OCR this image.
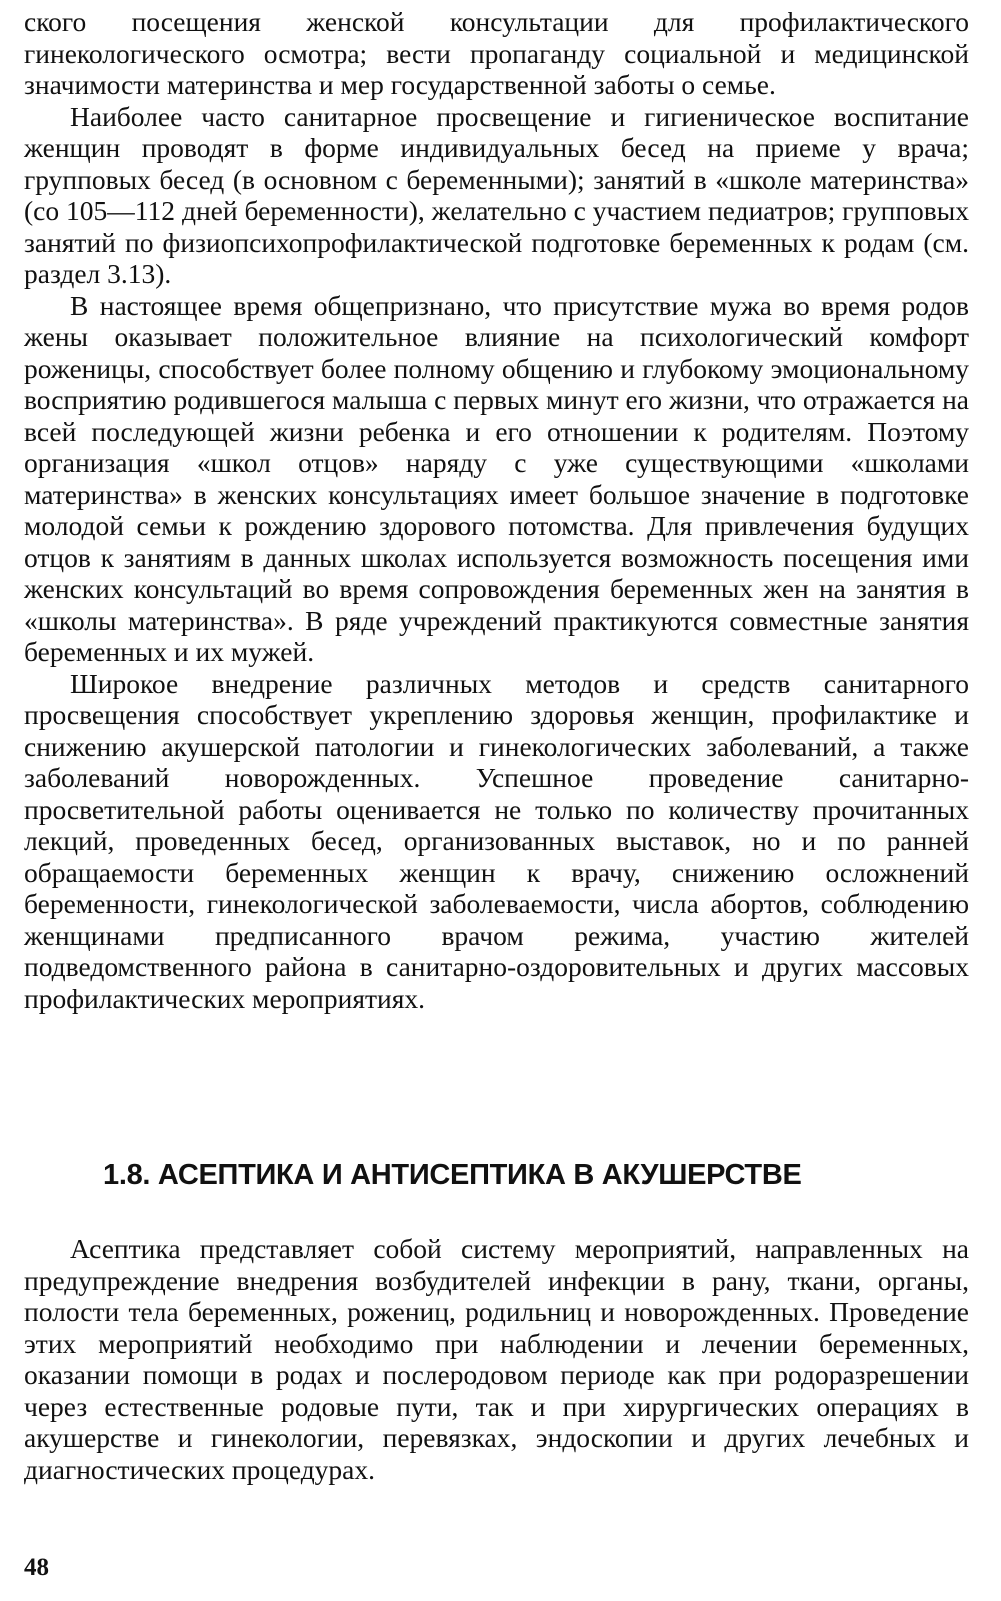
ского посещения женской консультации для профилактического гинекологического осмотра; вести пропаганду социальной и медицинской значимости материнства и мер государственной заботы о семье.

Наиболее часто санитарное просвещение и гигиеническое воспитание женщин проводят в форме индивидуальных бесед на приеме у врача; групповых бесед (в основном с беременными); занятий в «школе материнства» (со 105—112 дней беременности), желательно с участием педиатров; групповых занятий по физиопсихопрофилактической подготовке беременных к родам (см. раздел 3.13).

В настоящее время общепризнано, что присутствие мужа во время родов жены оказывает положительное влияние на психологический комфорт роженицы, способствует более полному общению и глубокому эмоциональному восприятию родившегося малыша с первых минут его жизни, что отражается на всей последующей жизни ребенка и его отношении к родителям. Поэтому организация «школ отцов» наряду с уже существующими «школами материнства» в женских консультациях имеет большое значение в подготовке молодой семьи к рождению здорового потомства. Для привлечения будущих отцов к занятиям в данных школах используется возможность посещения ими женских консультаций во время сопровождения беременных жен на занятия в «школы материнства». В ряде учреждений практикуются совместные занятия беременных и их мужей.

Широкое внедрение различных методов и средств санитарного просвещения способствует укреплению здоровья женщин, профилактике и снижению акушерской патологии и гинекологических заболеваний, а также заболеваний новорожденных. Успешное проведение санитарно-просветительной работы оценивается не только по количеству прочитанных лекций, проведенных бесед, организованных выставок, но и по ранней обращаемости беременных женщин к врачу, снижению осложнений беременности, гинекологической заболеваемости, числа абортов, соблюдению женщинами предписанного врачом режима, участию жителей подведомственного района в санитарно-оздоровительных и других массовых профилактических мероприятиях.

1.8. АСЕПТИКА И АНТИСЕПТИКА В АКУШЕРСТВЕ

Асептика представляет собой систему мероприятий, направленных на предупреждение внедрения возбудителей инфекции в рану, ткани, органы, полости тела беременных, рожениц, родильниц и новорожденных. Проведение этих мероприятий необходимо при наблюдении и лечении беременных, оказании помощи в родах и послеродовом периоде как при родоразрешении через естественные родовые пути, так и при хирургических операциях в акушерстве и гинекологии, перевязках, эндоскопии и других лечебных и диагностических процедурах.

48
